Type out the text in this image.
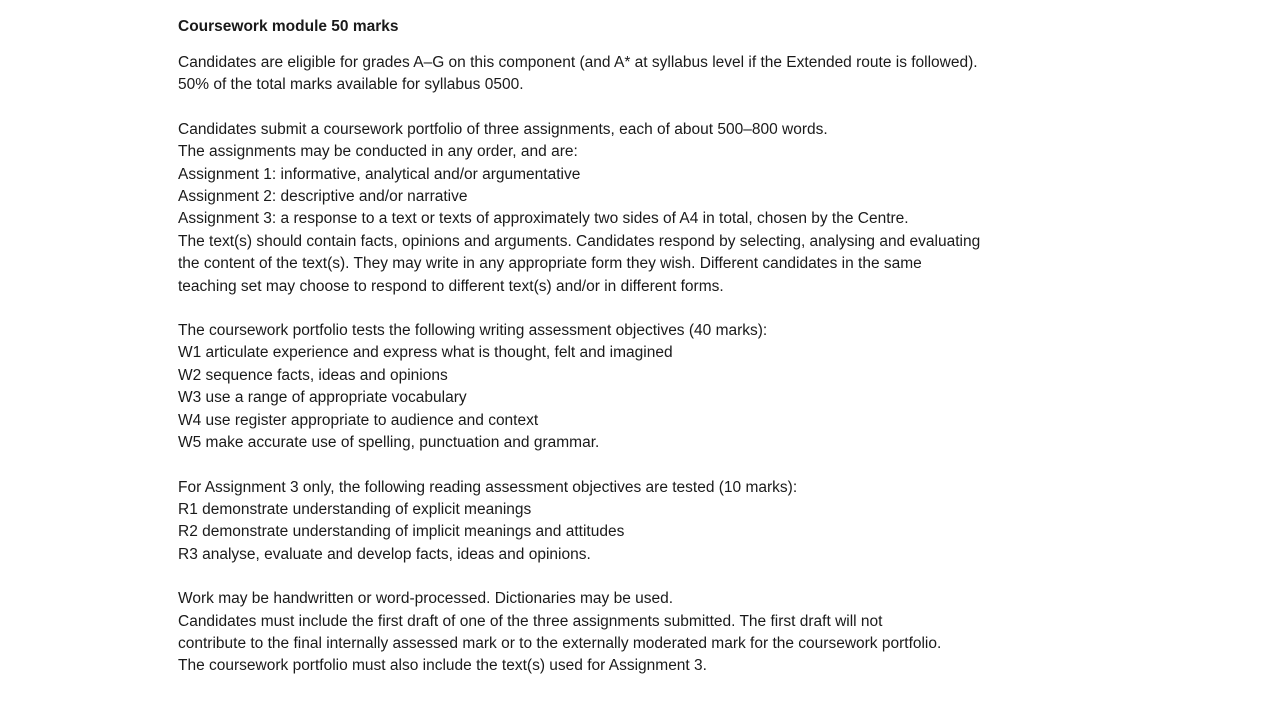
Coursework module 50 marks
Candidates are eligible for grades A–G on this component (and A* at syllabus level if the Extended route is followed).
50% of the total marks available for syllabus 0500.
Candidates submit a coursework portfolio of three assignments, each of about 500–800 words.
The assignments may be conducted in any order, and are:
Assignment 1: informative, analytical and/or argumentative
Assignment 2: descriptive and/or narrative
Assignment 3: a response to a text or texts of approximately two sides of A4 in total, chosen by the Centre.
The text(s) should contain facts, opinions and arguments. Candidates respond by selecting, analysing and evaluating
the content of the text(s). They may write in any appropriate form they wish. Different candidates in the same
teaching set may choose to respond to different text(s) and/or in different forms.
The coursework portfolio tests the following writing assessment objectives (40 marks):
W1 articulate experience and express what is thought, felt and imagined
W2 sequence facts, ideas and opinions
W3 use a range of appropriate vocabulary
W4 use register appropriate to audience and context
W5 make accurate use of spelling, punctuation and grammar.
For Assignment 3 only, the following reading assessment objectives are tested (10 marks):
R1 demonstrate understanding of explicit meanings
R2 demonstrate understanding of implicit meanings and attitudes
R3 analyse, evaluate and develop facts, ideas and opinions.
Work may be handwritten or word-processed. Dictionaries may be used.
Candidates must include the first draft of one of the three assignments submitted. The first draft will not
contribute to the final internally assessed mark or to the externally moderated mark for the coursework portfolio.
The coursework portfolio must also include the text(s) used for Assignment 3.
